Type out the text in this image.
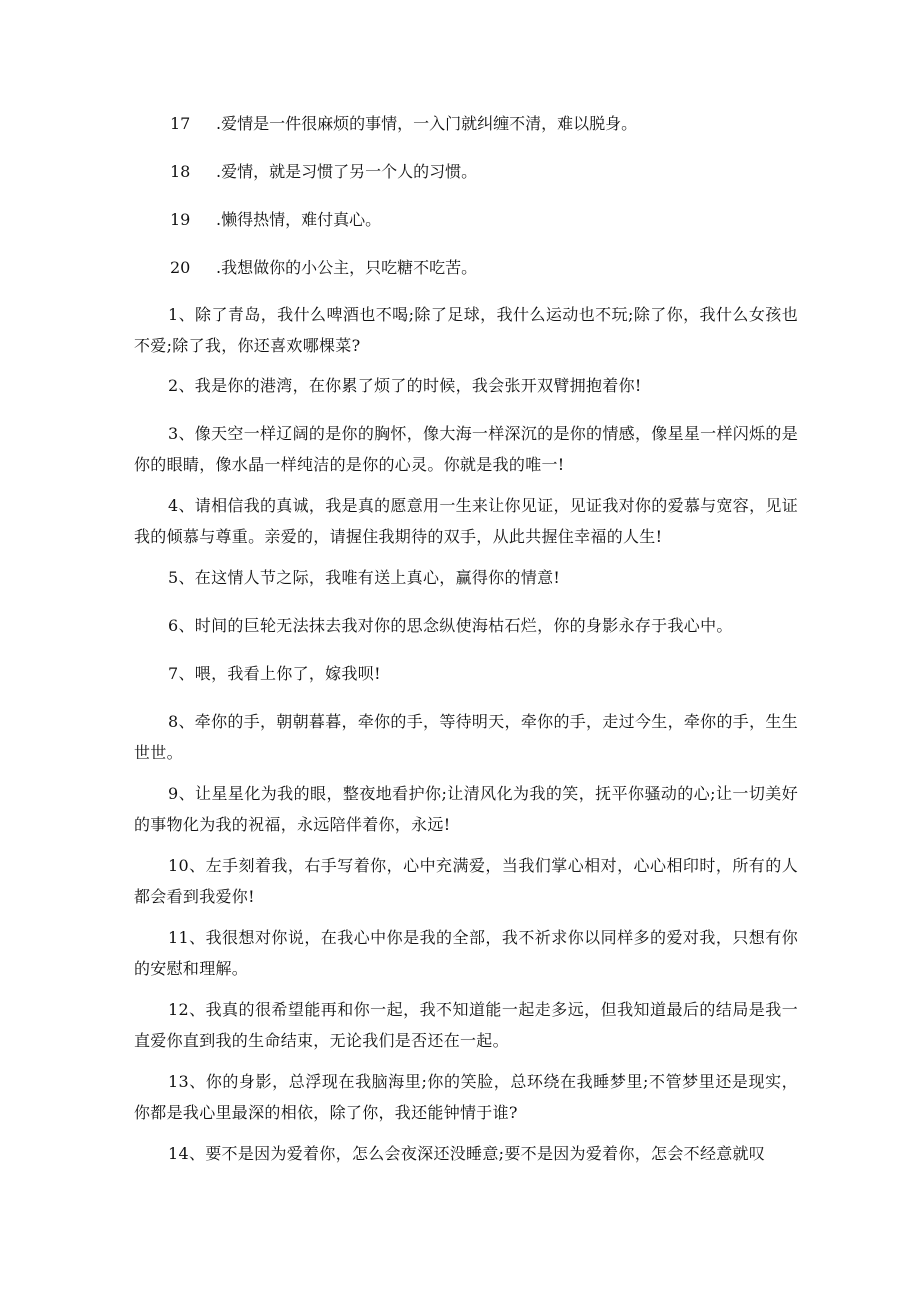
17 .爱情是一件很麻烦的事情，一入门就纠缠不清，难以脱身。
18 .爱情，就是习惯了另一个人的习惯。
19 .懒得热情，难付真心。
20 .我想做你的小公主，只吃糖不吃苦。

1、除了青岛，我什么啤酒也不喝;除了足球，我什么运动也不玩;除了你，我什么女孩也不爱;除了我，你还喜欢哪棵菜?

2、我是你的港湾，在你累了烦了的时候，我会张开双臂拥抱着你!

3、像天空一样辽阔的是你的胸怀，像大海一样深沉的是你的情感，像星星一样闪烁的是你的眼睛，像水晶一样纯洁的是你的心灵。你就是我的唯一!

4、请相信我的真诚，我是真的愿意用一生来让你见证，见证我对你的爱慕与宽容，见证我的倾慕与尊重。亲爱的，请握住我期待的双手，从此共握住幸福的人生!

5、在这情人节之际，我唯有送上真心，赢得你的情意!

6、时间的巨轮无法抹去我对你的思念纵使海枯石烂，你的身影永存于我心中。

7、喂，我看上你了，嫁我呗!

8、牵你的手，朝朝暮暮，牵你的手，等待明天，牵你的手，走过今生，牵你的手，生生世世。

9、让星星化为我的眼，整夜地看护你;让清风化为我的笑，抚平你骚动的心;让一切美好的事物化为我的祝福，永远陪伴着你，永远!

10、左手刻着我，右手写着你，心中充满爱，当我们掌心相对，心心相印时，所有的人都会看到我爱你!

11、我很想对你说，在我心中你是我的全部，我不祈求你以同样多的爱对我，只想有你的安慰和理解。

12、我真的很希望能再和你一起，我不知道能一起走多远，但我知道最后的结局是我一直爱你直到我的生命结束，无论我们是否还在一起。

13、你的身影，总浮现在我脑海里;你的笑脸，总环绕在我睡梦里;不管梦里还是现实，你都是我心里最深的相依，除了你，我还能钟情于谁?

14、要不是因为爱着你，怎么会夜深还没睡意;要不是因为爱着你，怎会不经意就叹
